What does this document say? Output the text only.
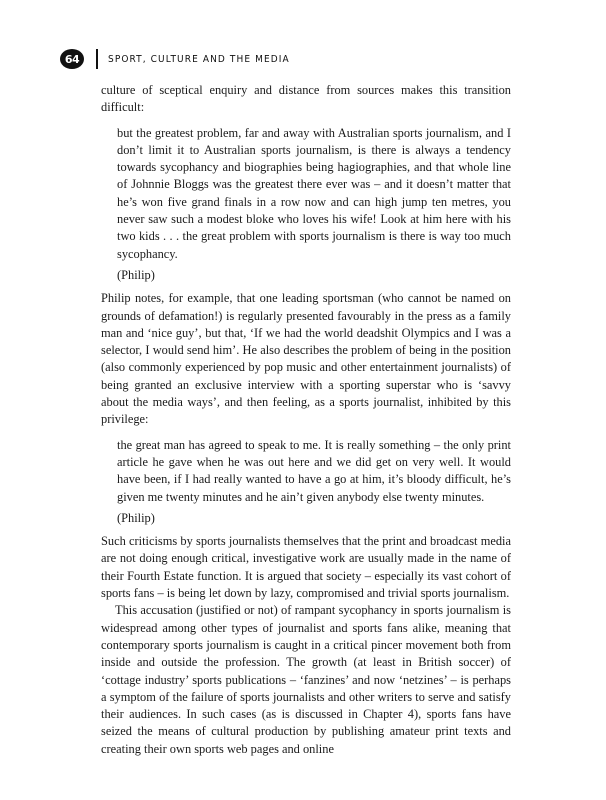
64	SPORT, CULTURE AND THE MEDIA

culture of sceptical enquiry and distance from sources makes this transition difficult:

but the greatest problem, far and away with Australian sports journalism, and I don’t limit it to Australian sports journalism, is there is always a tendency towards sycophancy and biographies being hagiographies, and that whole line of Johnnie Bloggs was the greatest there ever was – and it doesn’t matter that he’s won five grand finals in a row now and can high jump ten metres, you never saw such a modest bloke who loves his wife! Look at him here with his two kids . . . the great problem with sports journalism is there is way too much sycophancy.

(Philip)

Philip notes, for example, that one leading sportsman (who cannot be named on grounds of defamation!) is regularly presented favourably in the press as a family man and ‘nice guy’, but that, ‘If we had the world deadshit Olympics and I was a selector, I would send him’. He also describes the problem of being in the position (also commonly experienced by pop music and other entertainment journalists) of being granted an exclusive interview with a sporting superstar who is ‘savvy about the media ways’, and then feeling, as a sports journalist, inhibited by this privilege:

the great man has agreed to speak to me. It is really something – the only print article he gave when he was out here and we did get on very well. It would have been, if I had really wanted to have a go at him, it’s bloody difficult, he’s given me twenty minutes and he ain’t given anybody else twenty minutes.

(Philip)

Such criticisms by sports journalists themselves that the print and broadcast media are not doing enough critical, investigative work are usually made in the name of their Fourth Estate function. It is argued that society – especially its vast cohort of sports fans – is being let down by lazy, compromised and trivial sports journalism.

This accusation (justified or not) of rampant sycophancy in sports journalism is widespread among other types of journalist and sports fans alike, meaning that contemporary sports journalism is caught in a critical pincer movement both from inside and outside the profession. The growth (at least in British soccer) of ‘cottage industry’ sports publications – ‘fanzines’ and now ‘netzines’ – is perhaps a symptom of the failure of sports journalists and other writers to serve and satisfy their audiences. In such cases (as is discussed in Chapter 4), sports fans have seized the means of cultural production by publishing amateur print texts and creating their own sports web pages and online
